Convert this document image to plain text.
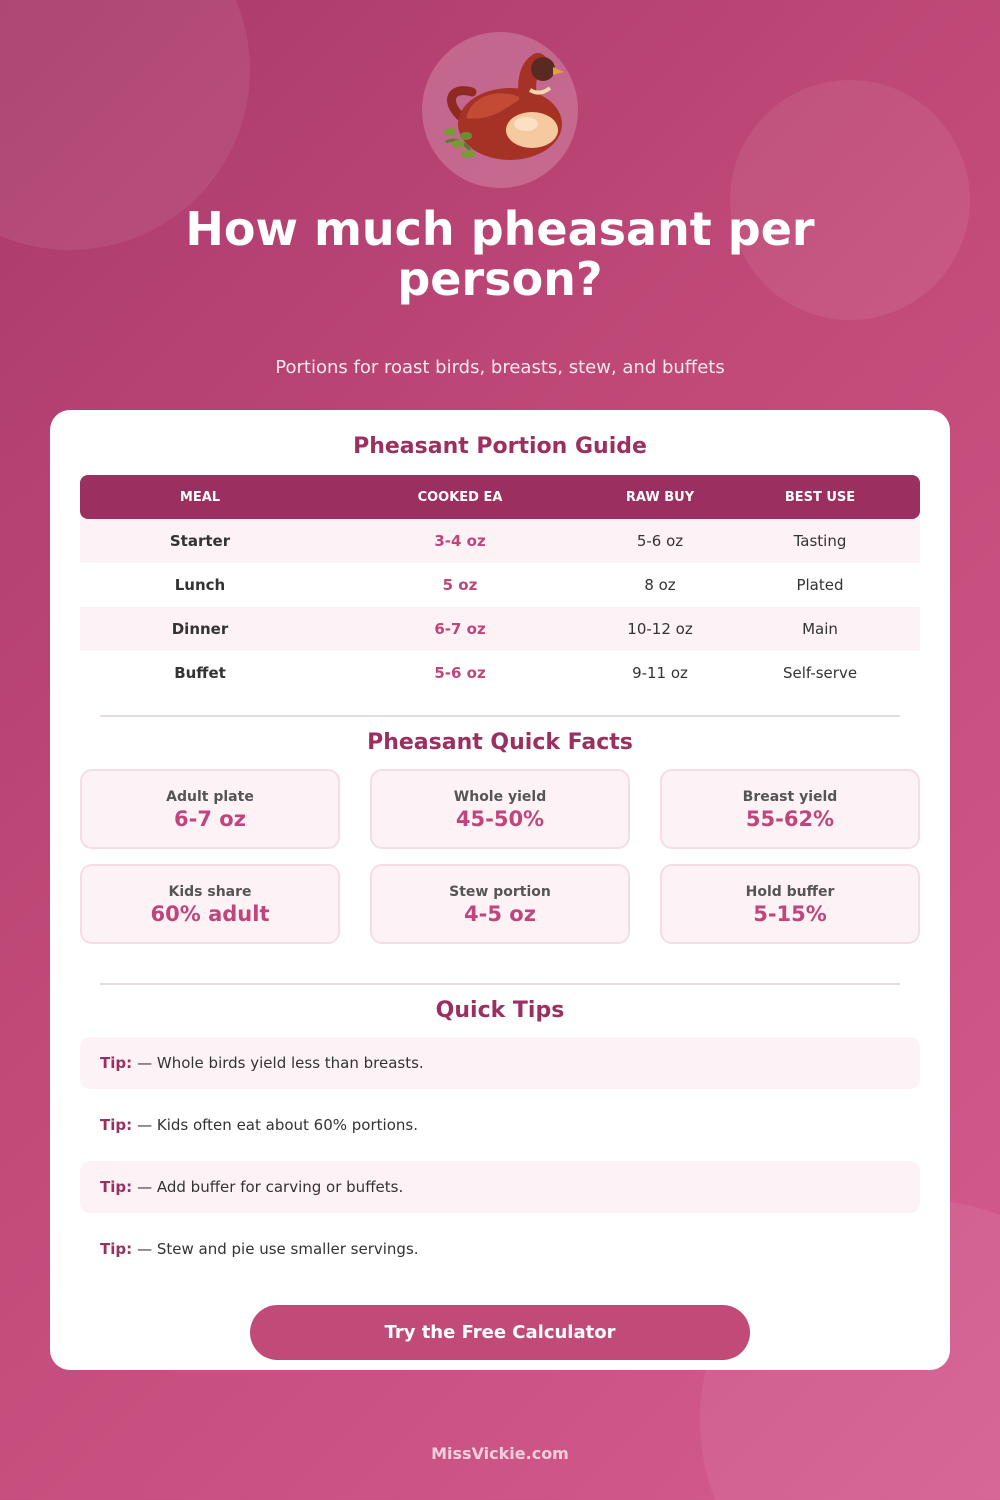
How much pheasant per person?

Portions for roast birds, breasts, stew, and buffets

Pheasant Portion Guide
MEAL	COOKED EA	RAW BUY	BEST USE
Starter	3-4 oz	5-6 oz	Tasting
Lunch	5 oz	8 oz	Plated
Dinner	6-7 oz	10-12 oz	Main
Buffet	5-6 oz	9-11 oz	Self-serve
Pheasant Quick Facts
Adult plate
6-7 oz
Whole yield
45-50%
Breast yield
55-62%
Kids share
60% adult
Stew portion
4-5 oz
Hold buffer
5-15%
Quick Tips
Tip: — Whole birds yield less than breasts.
Tip: — Kids often eat about 60% portions.
Tip: — Add buffer for carving or buffets.
Tip: — Stew and pie use smaller servings.
Try the Free Calculator
MissVickie.com
